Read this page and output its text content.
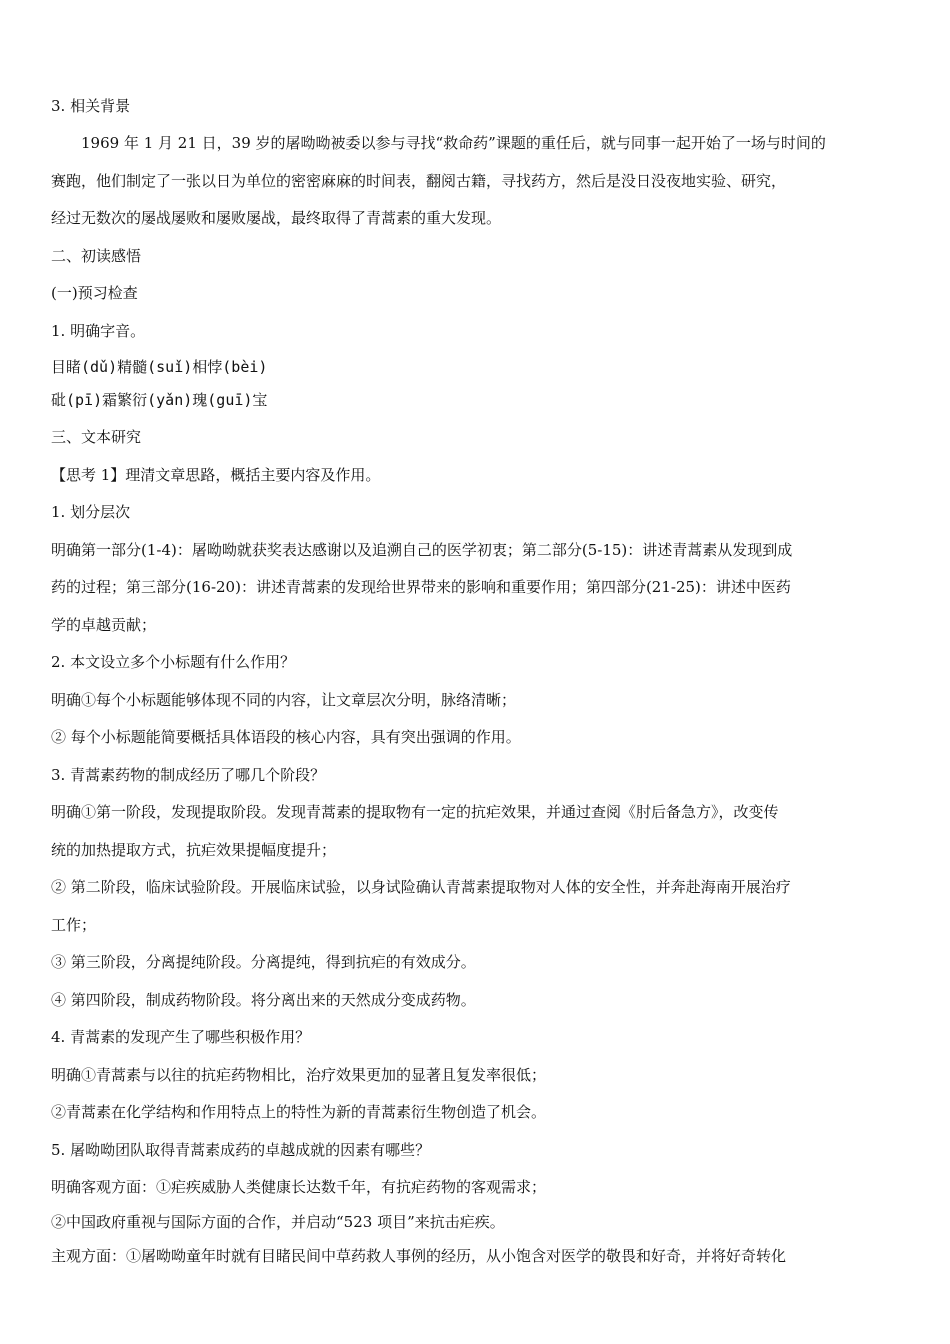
3. 相关背景
　　1969 年 1 月 21 日，39 岁的屠呦呦被委以参与寻找“救命药”课题的重任后，就与同事一起开始了一场与时间的
赛跑，他们制定了一张以日为单位的密密麻麻的时间表，翻阅古籍，寻找药方，然后是没日没夜地实验、研究，
经过无数次的屡战屡败和屡败屡战，最终取得了青蒿素的重大发现。
二、初读感悟
(一)预习检查
1. 明确字音。
目睹(dǔ)精髓(suǐ)相悖(bèi)
砒(pī)霜繁衍(yǎn)瑰(guī)宝
三、文本研究
【思考 1】理清文章思路，概括主要内容及作用。
1. 划分层次
明确第一部分(1-4)：屠呦呦就获奖表达感谢以及追溯自己的医学初衷；第二部分(5-15)：讲述青蒿素从发现到成
药的过程；第三部分(16-20)：讲述青蒿素的发现给世界带来的影响和重要作用；第四部分(21-25)：讲述中医药
学的卓越贡献；
2. 本文设立多个小标题有什么作用？
明确①每个小标题能够体现不同的内容，让文章层次分明，脉络清晰；
② 每个小标题能简要概括具体语段的核心内容，具有突出强调的作用。
3. 青蒿素药物的制成经历了哪几个阶段？
明确①第一阶段，发现提取阶段。发现青蒿素的提取物有一定的抗疟效果，并通过查阅《肘后备急方》，改变传
统的加热提取方式，抗疟效果提幅度提升；
② 第二阶段，临床试验阶段。开展临床试验，以身试险确认青蒿素提取物对人体的安全性，并奔赴海南开展治疗
工作；
③ 第三阶段，分离提纯阶段。分离提纯，得到抗疟的有效成分。
④ 第四阶段，制成药物阶段。将分离出来的天然成分变成药物。
4. 青蒿素的发现产生了哪些积极作用？
明确①青蒿素与以往的抗疟药物相比，治疗效果更加的显著且复发率很低；
②青蒿素在化学结构和作用特点上的特性为新的青蒿素衍生物创造了机会。
5. 屠呦呦团队取得青蒿素成药的卓越成就的因素有哪些？
明确客观方面：①疟疾威胁人类健康长达数千年，有抗疟药物的客观需求；
②中国政府重视与国际方面的合作，并启动“523 项目”来抗击疟疾。
主观方面：①屠呦呦童年时就有目睹民间中草药救人事例的经历，从小饱含对医学的敬畏和好奇，并将好奇转化
